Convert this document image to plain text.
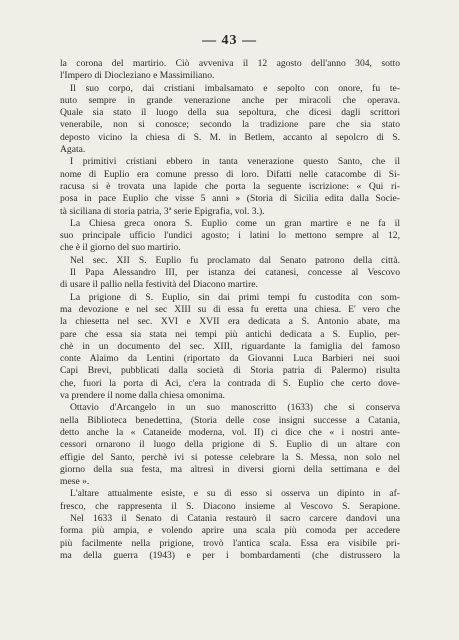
— 43 —
la corona del martirio. Ciò avveniva il 12 agosto dell'anno 304, sotto
l'Impero di Diocleziano e Massimiliano.
Il suo corpo, dai cristiani imbalsamato e sepolto con onore, fu te-
nuto sempre in grande venerazione anche per miracoli che operava.
Quale sia stato il luogo della sua sepoltura, che dicesi dagli scrittori
venerabile, non si conosce; secondo la tradizione pare che sia stato
deposto vicino la chiesa di S. M. in Betlem, accanto al sepolcro di S.
Agata.
I primitivi cristiani ebbero in tanta venerazione questo Santo, che il
nome di Euplio era comune presso di loro. Difatti nelle catacombe di Si-
racusa si è trovata una lapide che porta la seguente iscrizione: « Qui ri-
posa in pace Euplio che visse 5 anni » (Storia di Sicilia edita dalla Socie-
tà siciliana di storia patria, 3ª serie Epigrafia, vol. 3.).
La Chiesa greca onora S. Euplio come un gran martire e ne fa il
suo principale ufficio l'undici agosto; i latini lo mettono sempre al 12,
che è il giorno del suo martirio.
Nel sec. XII S. Euplio fu proclamato dal Senato patrono della città.
Il Papa Alessandro III, per istanza dei catanesi, concesse al Vescovo
di usare il pallio nella festività del Diacono martire.
La prigione di S. Euplio, sin dai primi tempi fu custodita con som-
ma devozione e nel sec XIII su di essa fu eretta una chiesa. E' vero che
la chiesetta nel sec. XVI e XVII era dedicata a S. Antonio abate, ma
pare che essa sia stata nei tempi più antichi dedicata a S. Euplio, per-
chè in un documento del sec. XIII, riguardante la famiglia del famoso
conte Alaimo da Lentini (riportato da Giovanni Luca Barbieri nei suoi
Capi Brevi, pubblicati dalla società di Storia patria di Palermo) risulta
che, fuori la porta di Aci, c'era la contrada di S. Euplio che certo dove-
va prendere il nome dalla chiesa omonima.
Ottavio d'Arcangelo in un suo manoscritto (1633) che si conserva
nella Biblioteca benedettina, (Storia delle cose insigni successe a Catania,
detto anche la « Cataneide moderna, vol. II) ci dice che « i nostri ante-
cessori ornarono il luogo della prigione di S. Euplio di un altare con
effigie del Santo, perchè ivi si potesse celebrare la S. Messa, non solo nel
giorno della sua festa, ma altresì in diversi giorni della settimana e del
mese ».
L'altare attualmente esiste, e su di esso si osserva un dipinto in af-
fresco, che rappresenta il S. Diacono insieme al Vescovo S. Serapione.
Nel 1633 il Senato di Catania restaurò il sacro carcere dandovi una
forma più ampia, e volendo aprire una scala più comoda per accedere
più facilmente nella prigione, trovò l'antica scala. Essa era visibile pri-
ma della guerra (1943) e per i bombardamenti (che distrussero la
